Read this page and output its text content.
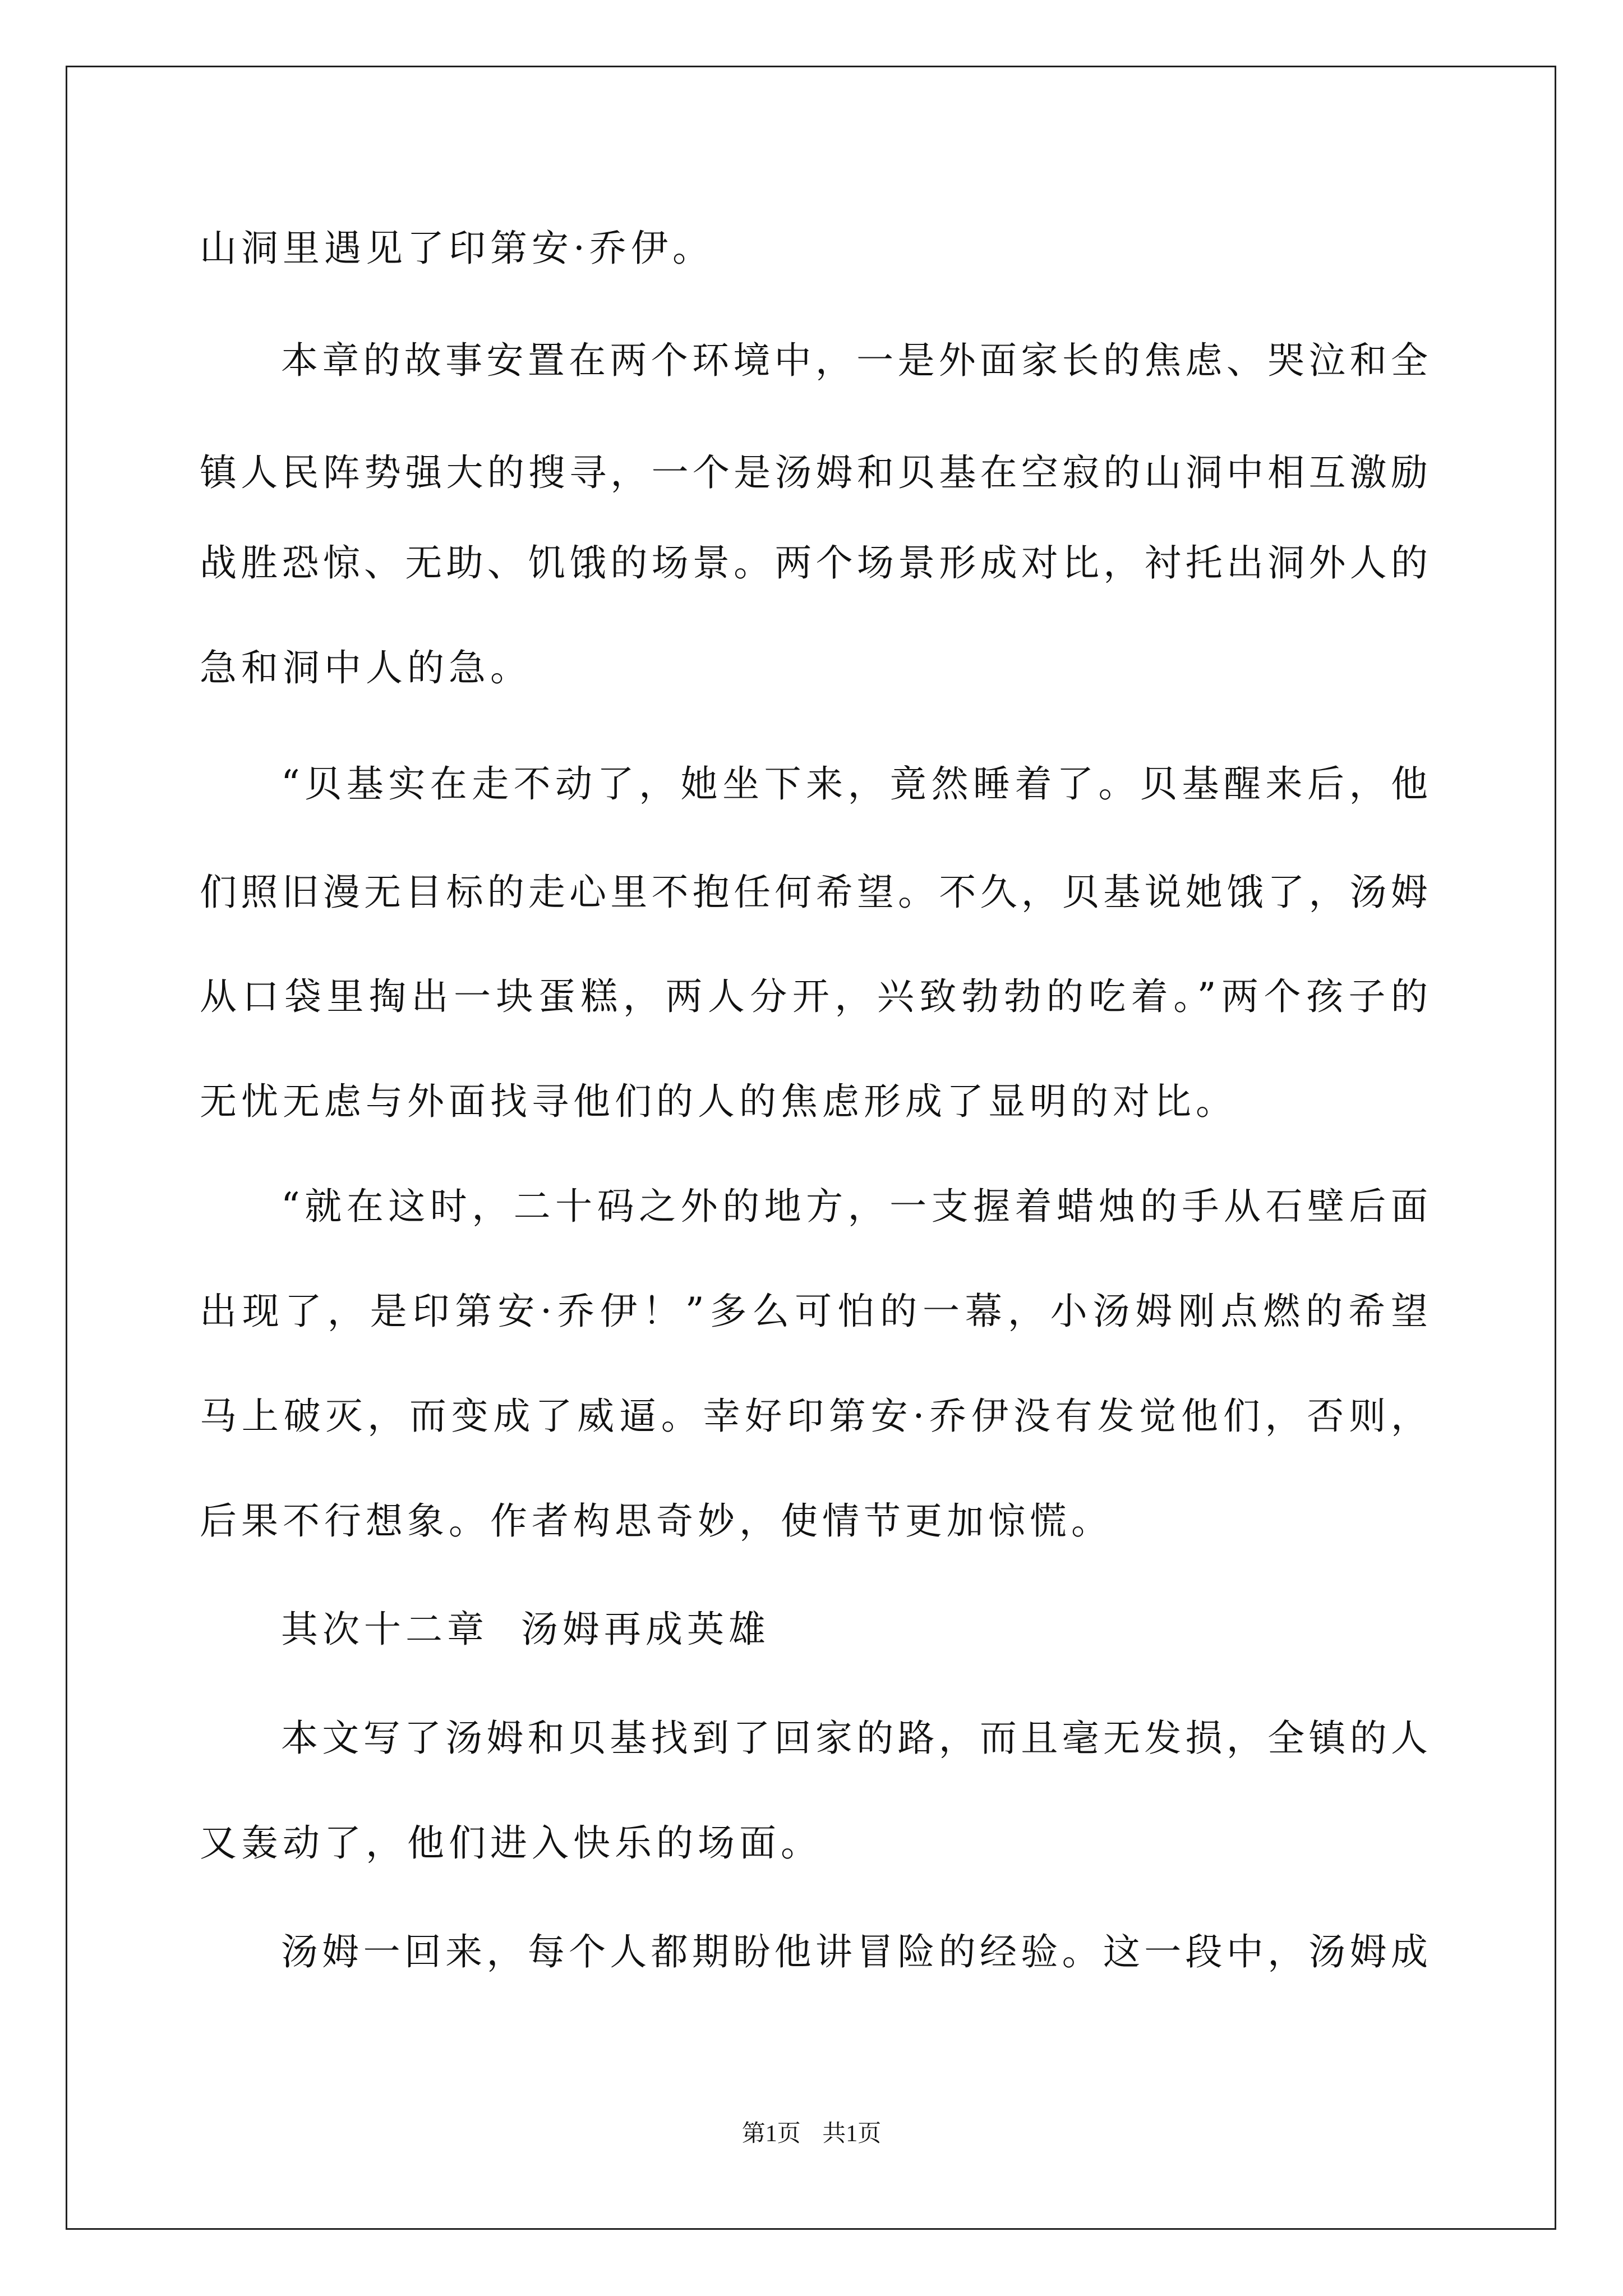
山洞里遇见了印第安·乔伊。
本章的故事安置在两个环境中，一是外面家长的焦虑、哭泣和全
镇人民阵势强大的搜寻，一个是汤姆和贝基在空寂的山洞中相互激励
战胜恐惊、无助、饥饿的场景。两个场景形成对比，衬托出洞外人的
急和洞中人的急。
“贝基实在走不动了，她坐下来，竟然睡着了。贝基醒来后，他
们照旧漫无目标的走心里不抱任何希望。不久，贝基说她饿了，汤姆
从口袋里掏出一块蛋糕，两人分开，兴致勃勃的吃着。”两个孩子的
无忧无虑与外面找寻他们的人的焦虑形成了显明的对比。
“就在这时，二十码之外的地方，一支握着蜡烛的手从石壁后面
出现了，是印第安·乔伊！”多么可怕的一幕，小汤姆刚点燃的希望
马上破灭，而变成了威逼。幸好印第安·乔伊没有发觉他们，否则，
后果不行想象。作者构思奇妙，使情节更加惊慌。
其次十二章  汤姆再成英雄
本文写了汤姆和贝基找到了回家的路，而且毫无发损，全镇的人
又轰动了，他们进入快乐的场面。
汤姆一回来，每个人都期盼他讲冒险的经验。这一段中，汤姆成
第1页 共1页
